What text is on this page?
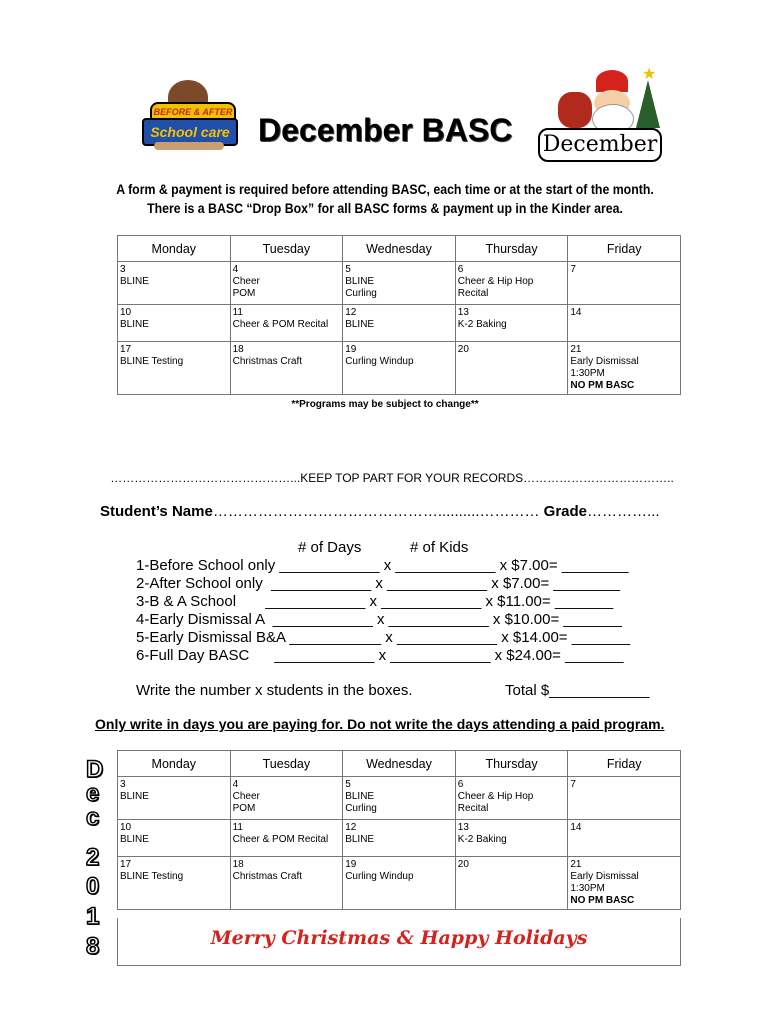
BEFORE & AFTER
School care December BASC
★
December
A form & payment is required before attending BASC, each time or at the start of the month.
There is a BASC “Drop Box” for all BASC forms & payment up in the Kinder area.
Monday	Tuesday	Wednesday	Thursday	Friday

3
BLINE	4
Cheer
POM	5
BLINE
Curling	6
Cheer & Hip Hop
Recital	7

10
BLINE	11
Cheer & POM Recital	12
BLINE	13
K-2 Baking	14

17
BLINE Testing	18
Christmas Craft	19
Curling Windup	20	21
Early Dismissal
1:30PM
NO PM BASC
**Programs may be subject to change**
………………………………………...KEEP TOP PART FOR YOUR RECORDS………………………………..
Student’s Name………………………………………..........………… Grade…………...
# of Days	# of Kids
1-Before School only ____________ x ____________ x $7.00= ________
2-After School only  ____________ x ____________ x $7.00= ________
3-B & A School       ____________ x ____________ x $11.00= _______
4-Early Dismissal A  ____________ x ____________ x $10.00= _______
5-Early Dismissal B&A ___________ x ____________ x $14.00= _______
6-Full Day BASC      ____________ x ____________ x $24.00= _______
Write the number x students in the boxes.	Total $____________
Only write in days you are paying for. Do not write the days attending a paid program.
D
e
c
2
0
1
8
Monday	Tuesday	Wednesday	Thursday	Friday

3
BLINE	4
Cheer
POM	5
BLINE
Curling	6
Cheer & Hip Hop
Recital	7

10
BLINE	11
Cheer & POM Recital	12
BLINE	13
K-2 Baking	14

17
BLINE Testing	18
Christmas Craft	19
Curling Windup	20	21
Early Dismissal
1:30PM
NO PM BASC
Merry Christmas & Happy Holidays
